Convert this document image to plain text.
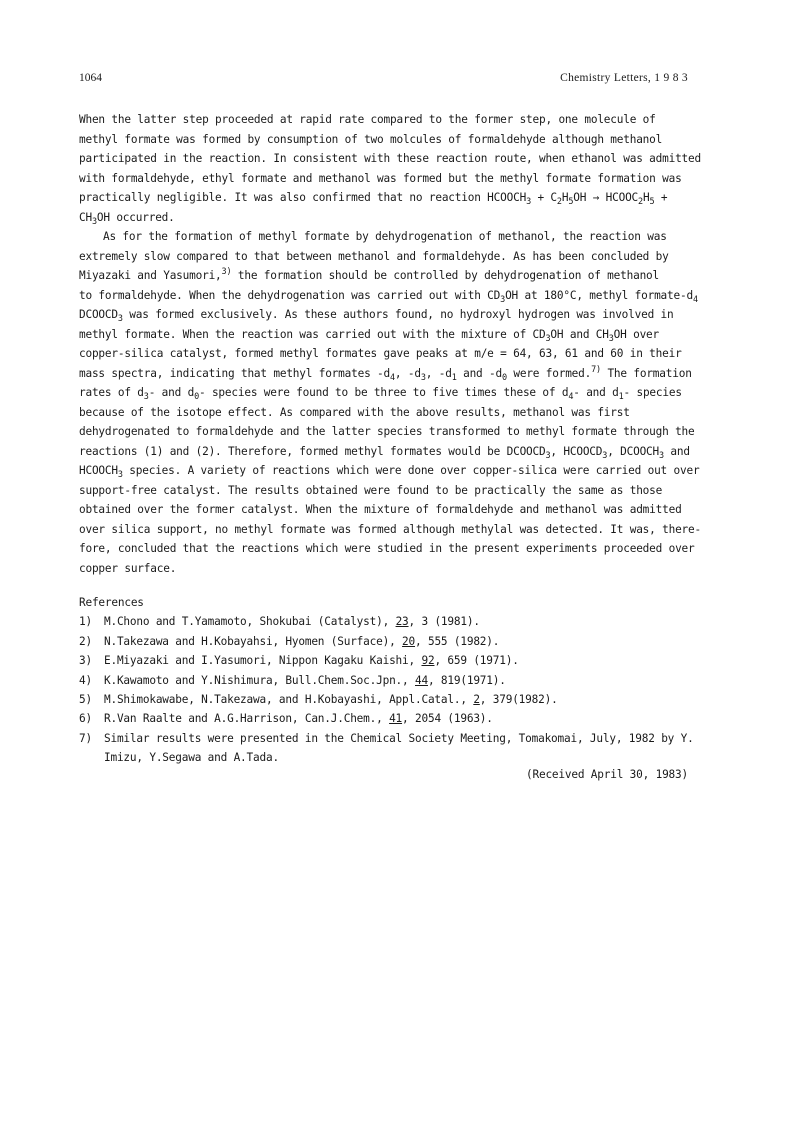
1064	Chemistry Letters, 1 9 8 3
When the latter step proceeded at rapid rate compared to the former step, one molecule of
methyl formate was formed by consumption of two molcules of formaldehyde although methanol
participated in the reaction. In consistent with these reaction route, when ethanol was admitted
with formaldehyde, ethyl formate and methanol was formed but the methyl formate formation was
practically negligible. It was also confirmed that no reaction $HCOOCH_3 + C_2H_5OH$ → $HCOOC_2H_5$ +
$CH_3OH$ occurred.
As for the formation of methyl formate by dehydrogenation of methanol, the reaction was
extremely slow compared to that between methanol and formaldehyde. As has been concluded by
Miyazaki and Yasumori,$^{3)}$ the formation should be controlled by dehydrogenation of methanol
to formaldehyde. When the dehydrogenation was carried out with $CD_3OH$ at 180°C, methyl formate-$d_4$
$DCOOCD_3$ was formed exclusively. As these authors found, no hydroxyl hydrogen was involved in
methyl formate. When the reaction was carried out with the mixture of $CD_3OH$ and $CH_3OH$ over
copper-silica catalyst, formed methyl formates gave peaks at m/e = 64, 63, 61 and 60 in their
mass spectra, indicating that methyl formates $-d_4$, $-d_3$, $-d_1$ and $-d_0$ were formed.$^{7)}$ The formation
rates of $d_3-$ and $d_0-$ species were found to be three to five times these of $d_4-$ and $d_1-$ species
because of the isotope effect. As compared with the above results, methanol was first
dehydrogenated to formaldehyde and the latter species transformed to methyl formate through the
reactions (1) and (2). Therefore, formed methyl formates would be $DCOOCD_3$, $HCOOCD_3$, $DCOOCH_3$ and
$HCOOCH_3$ species. A variety of reactions which were done over copper-silica were carried out over
support-free catalyst. The results obtained were found to be practically the same as those
obtained over the former catalyst. When the mixture of formaldehyde and methanol was admitted
over silica support, no methyl formate was formed although methylal was detected. It was, there-
fore, concluded that the reactions which were studied in the present experiments proceeded over
copper surface.
References
1) M.Chono and T.Yamamoto, Shokubai (Catalyst), 23, 3 (1981).
2) N.Takezawa and H.Kobayahsi, Hyomen (Surface), 20, 555 (1982).
3) E.Miyazaki and I.Yasumori, Nippon Kagaku Kaishi, 92, 659 (1971).
4) K.Kawamoto and Y.Nishimura, Bull.Chem.Soc.Jpn., 44, 819(1971).
5) M.Shimokawabe, N.Takezawa, and H.Kobayashi, Appl.Catal., 2, 379(1982).
6) R.Van Raalte and A.G.Harrison, Can.J.Chem., 41, 2054 (1963).
7) Similar results were presented in the Chemical Society Meeting, Tomakomai, July, 1982 by Y.
Imizu, Y.Segawa and A.Tada.
(Received April 30, 1983)
